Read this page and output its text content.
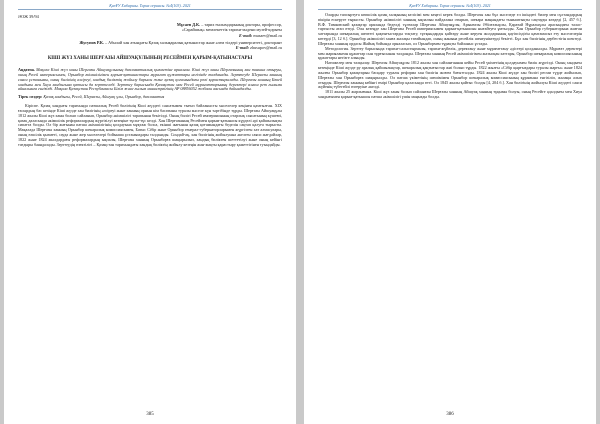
ҚазҰУ Хабаршы. Тарих сериясы. №4(103). 2021
ӘОЖ 39/94
Мұсаев Д.К. – тарих ғылымдарының докторы, профессор,
«Сарайшық» мемлекеттік тарихи-мәдени музей-қорығы
E-mail: musaev@mail.ru
Жусупов Р.К. – Абылай хан атындағы Қазақ халықаралық қатынастар және әлем тілдері университеті, докторант
E-mail: zhusupov@mail.ru
КІШІ ЖҮЗ ХАНЫ ШЕРҒАЗЫ АЙШУАҚҰЛЫНЫҢ РЕСЕЙМЕН ҚАРЫМ-ҚАТЫНАСТАРЫ
Аңдатпа. Мақала Кіші жүз ханы Шерғазы Айшуақұлының дипломатиялық қызметіне арналған. Кіші жүз ханы Шерғазының хан тағына отыруы, оның Ресей империясымен, Орынбор әкімшілігімен қарым-қатынастары мұрағат құжаттары негізінде талданады. Зерттеуде Шерғазы ханның саяси ұстанымы, оның билігінің әлсіреуі, хандық биліктің жойылу барысы және қазақ қоғамындағы рөлі қарастырылады. Шерғазы ханның Бөкей хандығы мен Хиуа хандығына қатысы да зерттеледі. Зерттеу барысында Қазақстан мен Ресей мұрағаттарының деректері алғаш рет ғылыми айналымға енгізілді. Мақала Қазақстан Республикасы Білім және ғылым министрлігінің АР 08856052 жобасы аясында дайындалды.
Тірек сөздер: Қазақ хандығы, Ресей, Шерғазы, Айшуақ ұлы, Орынбор, дипломатия

Кіріспе. Қазақ хандығы тарихында патшалық Ресей билігінің Кіші жүздегі саясатымен тығыз байланысты мәселелер кеңінен қамтылған. XIX ғасырдың бас кезінде Кіші жүзде хан билігінің әлсіреуі және ханның орнын кім басатыны туралы мәселе күн тәртібінде тұрды. Шерғазы Айшуақұлы 1812 жылы Кіші жүз ханы болып сайланып, Орынбор әкімшілігі тарапынан бекітілді. Оның билігі Ресей империясының отарлық саясатының күшеюі, қазақ даласында әкімшілік реформалардың жүргізілуі кезеңіне тұспа-тұс келді. Хан Шерғазының Ресеймен қарым-қатынасы күрделі әрі қайшылықты сипатта болды. Ол бір жағынан патша әкімшілігінің қолдауына мұқтаж болса, екінші жағынан қазақ қоғамындағы беделін сақтап қалуға тырысты. Мақалада Шерғазы ханның Орынбор шекаралық комиссиясымен, Батыс Сібір және Орынбор генерал-губернаторларымен жүргізген хат алмасулары, оның елшілік қызметі, сауда және жер мәселелері бойынша ұстанымдары талданады. Сондай-ақ, хан билігінің жойылуына әкелген саяси жағдайлар, 1822 және 1824 жылдардағы реформалардың ықпалы, Шерғазы ханның Орынборға шақырылып, хандық биліктен шеттетілуі және оның кейінгі тағдыры баяндалады. Зерттеудің өзектілігі – Қазақстан тарихындағы хандық биліктің жойылу кезеңін жан-жақты қарастыру қажеттігінен туындайды.

385
ҚазҰУ Хабаршы. Тарих сериясы. №4(103). 2021

Оларды тапсыртуға көпшілік қазақ халқының келісімі мен кеңесі керек болды. Шерғазы хан бұл мәселеде ел ішіндегі билер мен сұлтандардың пікірін ескеруге тырысты. Орынбор әкімшілігі ханның ықпалын пайдалана отырып, шекара маңындағы тыныштықты сақтауды көздеді [2, 457 б.]. В.Ф. Тимковский қазақтар арасында беделді тұлғалар Шерғазы Айшуақұлы, Арынғазы Әбілғазыұлы, Қаратай Нұралыұлы арасындағы талас-тартысты атап өтеді. Осы кезеңде хан Шерғазы Ресей империясымен қарым-қатынасын нығайтуға ұмтылды. Хан Орынбор губернаторына жазған хаттарында шекаралық шептегі қақтығыстарды тоқтату, тұтқындарды қайтару және керуен жолдарының қауіпсіздігін қамтамасыз ету мәселелерін көтерді [3, 12 б.]. Орынбор әкімшілігі ханға жалақы тағайындап, оның жанына ресейлік шенеуніктерді бекітті. Бұл хан билігінің дербестігін шектеді. Шерғазы ханның ордасы Жайық бойында орналасып, ол Орынбормен тұрақты байланыс ұстады.

Методология. Зерттеу барысында тарихи-салыстырмалы, тарихи-жүйелік, деректану және мұрағаттану әдістері қолданылды. Мұрағат деректері мен жарияланған құжаттар сын тұрғысынан талданды. Шерғазы ханның Ресей әкімшілігімен жазысқан хаттары, Орынбор шекаралық комиссиясының құжаттары негізге алынды.

Нәтижелер мен талқылау. Шерғазы Айшуақұлы 1812 жылы хан сайланғаннан кейін Ресей үкіметінің қолдауымен билік жүргізді. Оның хандығы кезеңінде Кіші жүзде ру аралық қайшылықтар, шекаралық қақтығыстар жиі болып тұрды. 1822 жылғы «Сібір қырғыздары туралы жарғы» және 1824 жылғы Орынбор қазақтарын басқару туралы реформа хан билігін жоюға бағытталды. 1824 жылы Кіші жүзде хан билігі ресми түрде жойылып, Шерғазы хан Орынборға шақырылды. Ол патша үкіметінің шешімімен Орынбор шекаралық комиссиясының құрамына енгізіліп, жалақы алып отырды. Шерғазы ханның кейінгі өмірі Орынбор қаласында өтті. Ол 1845 жылы қайтыс болды [4, 204 б.]. Хан билігінің жойылуы Кіші жүздегі саяси жүйенің түбегейлі өзгеруіне әкелді.

1811 жылы 25 жарлығына. Кіші жүз ханы болып сайланған Шерғазы ханның Айшуақ ханның тұқымы болуы, оның Ресейге адалдығы мен Хиуа хандығымен қарым-қатынасы патша әкімшілігі үшін маңызды болды.

386
